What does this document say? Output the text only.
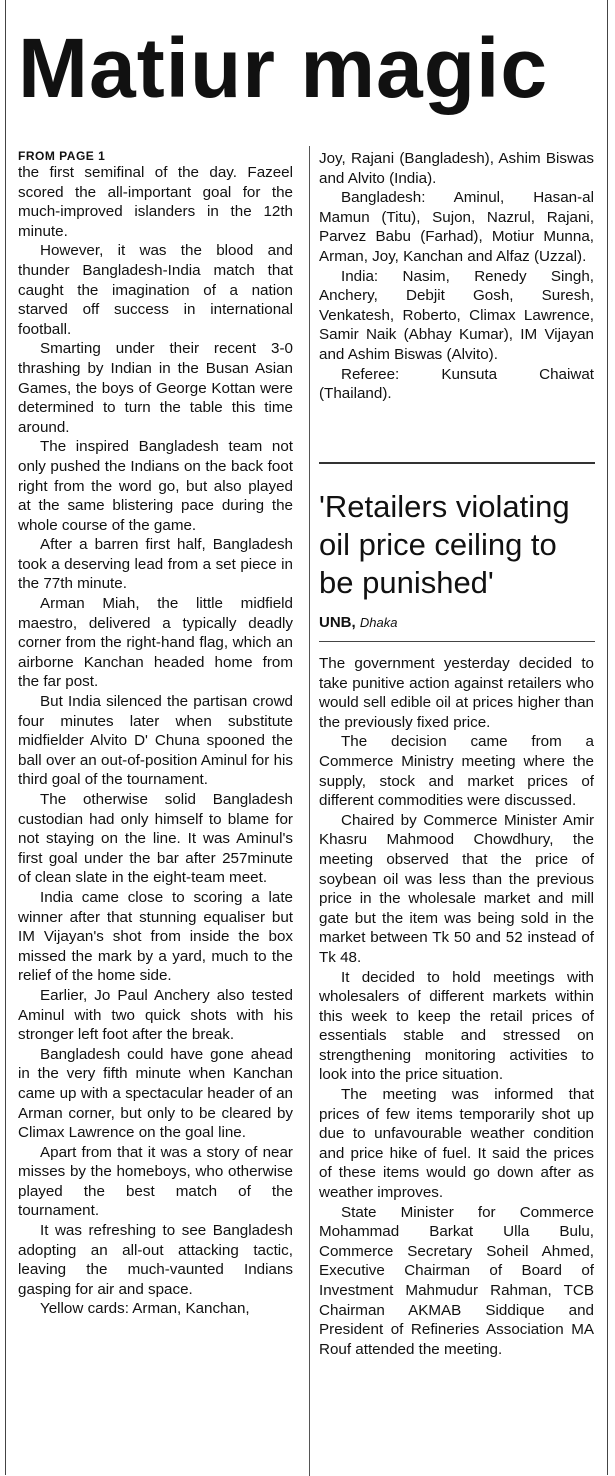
Matiur magic
FROM PAGE 1

the first semifinal of the day. Fazeel scored the all-important goal for the much-improved islanders in the 12th minute.

However, it was the blood and thunder Bangladesh-India match that caught the imagination of a nation starved off success in international football.

Smarting under their recent 3-0 thrashing by Indian in the Busan Asian Games, the boys of George Kottan were determined to turn the table this time around.

The inspired Bangladesh team not only pushed the Indians on the back foot right from the word go, but also played at the same blistering pace during the whole course of the game.

After a barren first half, Bangladesh took a deserving lead from a set piece in the 77th minute.

Arman Miah, the little midfield maestro, delivered a typically deadly corner from the right-hand flag, which an airborne Kanchan headed home from the far post.

But India silenced the partisan crowd four minutes later when substitute midfielder Alvito D' Chuna spooned the ball over an out-of-position Aminul for his third goal of the tournament.

The otherwise solid Bangladesh custodian had only himself to blame for not staying on the line. It was Aminul's first goal under the bar after 257minute of clean slate in the eight-team meet.

India came close to scoring a late winner after that stunning equaliser but IM Vijayan's shot from inside the box missed the mark by a yard, much to the relief of the home side.

Earlier, Jo Paul Anchery also tested Aminul with two quick shots with his stronger left foot after the break.

Bangladesh could have gone ahead in the very fifth minute when Kanchan came up with a spectacular header of an Arman corner, but only to be cleared by Climax Lawrence on the goal line.

Apart from that it was a story of near misses by the homeboys, who otherwise played the best match of the tournament.

It was refreshing to see Bangladesh adopting an all-out attacking tactic, leaving the much-vaunted Indians gasping for air and space.

Yellow cards: Arman, Kanchan,

Joy, Rajani (Bangladesh), Ashim Biswas and Alvito (India).

Bangladesh: Aminul, Hasan-al Mamun (Titu), Sujon, Nazrul, Rajani, Parvez Babu (Farhad), Motiur Munna, Arman, Joy, Kanchan and Alfaz (Uzzal).

India: Nasim, Renedy Singh, Anchery, Debjit Gosh, Suresh, Venkatesh, Roberto, Climax Lawrence, Samir Naik (Abhay Kumar), IM Vijayan and Ashim Biswas (Alvito).

Referee: Kunsuta Chaiwat (Thailand).

'Retailers violating oil price ceiling to be punished'
UNB, Dhaka

The government yesterday decided to take punitive action against retailers who would sell edible oil at prices higher than the previously fixed price.

The decision came from a Commerce Ministry meeting where the supply, stock and market prices of different commodities were discussed.

Chaired by Commerce Minister Amir Khasru Mahmood Chowdhury, the meeting observed that the price of soybean oil was less than the previous price in the wholesale market and mill gate but the item was being sold in the market between Tk 50 and 52 instead of Tk 48.

It decided to hold meetings with wholesalers of different markets within this week to keep the retail prices of essentials stable and stressed on strengthening monitoring activities to look into the price situation.

The meeting was informed that prices of few items temporarily shot up due to unfavourable weather condition and price hike of fuel. It said the prices of these items would go down after as weather improves.

State Minister for Commerce Mohammad Barkat Ulla Bulu, Commerce Secretary Soheil Ahmed, Executive Chairman of Board of Investment Mahmudur Rahman, TCB Chairman AKMAB Siddique and President of Refineries Association MA Rouf attended the meeting.
